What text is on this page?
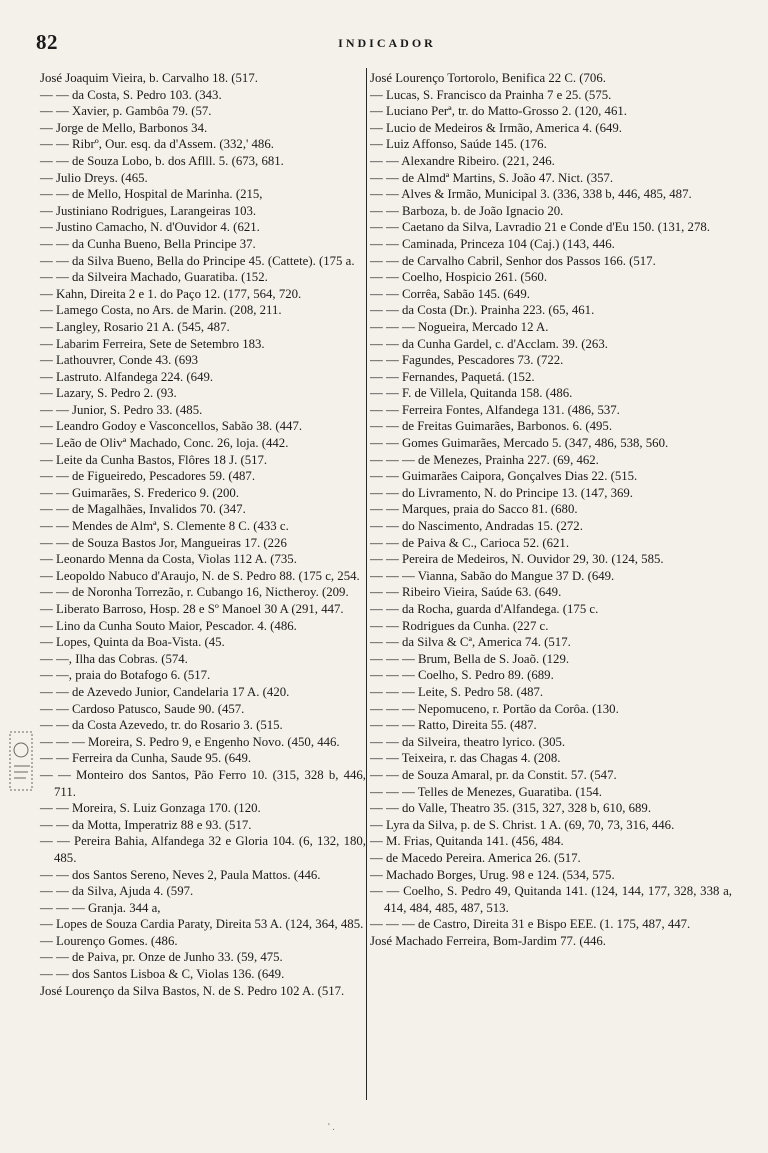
82	INDICADOR
José Joaquim Vieira, b. Carvalho 18. (517.
— — da Costa, S. Pedro 103. (343.
— — Xavier, p. Gambôa 79. (57.
— Jorge de Mello, Barbonos 34.
— — Ribrº, Our. esq. da d'Assem. (332,' 486.
— — de Souza Lobo, b. dos Aflll. 5. (673, 681.
— Julio Dreys. (465.
— — de Mello, Hospital de Marinha. (215,
— Justiniano Rodrigues, Larangeiras 103.
— Justino Camacho, N. d'Ouvidor 4. (621.
— — da Cunha Bueno, Bella Principe 37.
— — da Silva Bueno, Bella do Principe 45. (Cattete). (175 a.
— — da Silveira Machado, Guaratiba. (152.
— Kahn, Direita 2 e 1. do Paço 12. (177, 564, 720.
— Lamego Costa, no Ars. de Marin. (208, 211.
— Langley, Rosario 21 A. (545, 487.
— Labarim Ferreira, Sete de Setembro 183.
— Lathouvrer, Conde 43. (693
— Lastruto. Alfandega 224. (649.
— Lazary, S. Pedro 2. (93.
— — Junior, S. Pedro 33. (485.
— Leandro Godoy e Vasconcellos, Sabão 38. (447.
— Leão de Olivª Machado, Conc. 26, loja. (442.
— Leite da Cunha Bastos, Flôres 18 J. (517.
— — de Figueiredo, Pescadores 59. (487.
— — Guimarães, S. Frederico 9. (200.
— — de Magalhães, Invalidos 70. (347.
— — Mendes de Almª, S. Clemente 8 C. (433 c.
— — de Souza Bastos Jor, Mangueiras 17. (226
— Leonardo Menna da Costa, Violas 112 A. (735.
— Leopoldo Nabuco d'Araujo, N. de S. Pedro 88. (175 c, 254.
— — de Noronha Torrezão, r. Cubango 16, Nictheroy. (209.
— Liberato Barroso, Hosp. 28 e Sº Manoel 30 A (291, 447.
— Lino da Cunha Souto Maior, Pescador. 4. (486.
— Lopes, Quinta da Boa-Vista. (45.
— —, Ilha das Cobras. (574.
— —, praia do Botafogo 6. (517.
— — de Azevedo Junior, Candelaria 17 A. (420.
— — Cardoso Patusco, Saude 90. (457.
— — da Costa Azevedo, tr. do Rosario 3. (515.
— — — Moreira, S. Pedro 9, e Engenho Novo. (450, 446.
— — Ferreira da Cunha, Saude 95. (649.
— — Monteiro dos Santos, Pão Ferro 10. (315, 328 b, 446, 711.
— — Moreira, S. Luiz Gonzaga 170. (120.
— — da Motta, Imperatriz 88 e 93. (517.
— — Pereira Bahia, Alfandega 32 e Gloria 104. (6, 132, 180, 485.
— — dos Santos Sereno, Neves 2, Paula Mattos. (446.
— — da Silva, Ajuda 4. (597.
— — — Granja. 344 a,
— Lopes de Souza Cardia Paraty, Direita 53 A. (124, 364, 485.
— Lourenço Gomes. (486.
— — de Paiva, pr. Onze de Junho 33. (59, 475.
— — dos Santos Lisboa & C, Violas 136. (649.
José Lourenço da Silva Bastos, N. de S. Pedro 102 A. (517.
José Lourenço Tortorolo, Benifica 22 C. (706.
— Lucas, S. Francisco da Prainha 7 e 25. (575.
— Luciano Perª, tr. do Matto-Grosso 2. (120, 461.
— Lucio de Medeiros & Irmão, America 4. (649.
— Luiz Affonso, Saúde 145. (176.
— — Alexandre Ribeiro. (221, 246.
— — de Almdª Martins, S. João 47. Nict. (357.
— — Alves & Irmão, Municipal 3. (336, 338 b, 446, 485, 487.
— — Barboza, b. de João Ignacio 20.
— — Caetano da Silva, Lavradio 21 e Conde d'Eu 150. (131, 278.
— — Caminada, Princeza 104 (Caj.) (143, 446.
— — de Carvalho Cabril, Senhor dos Passos 166. (517.
— — Coelho, Hospicio 261. (560.
— — Corrêa, Sabão 145. (649.
— — da Costa (Dr.). Prainha 223. (65, 461.
— — — Nogueira, Mercado 12 A.
— — da Cunha Gardel, c. d'Acclam. 39. (263.
— — Fagundes, Pescadores 73. (722.
— — Fernandes, Paquetá. (152.
— — F. de Villela, Quitanda 158. (486.
— — Ferreira Fontes, Alfandega 131. (486, 537.
— — de Freitas Guimarães, Barbonos. 6. (495.
— — Gomes Guimarães, Mercado 5. (347, 486, 538, 560.
— — — de Menezes, Prainha 227. (69, 462.
— — Guimarães Caipora, Gonçalves Dias 22. (515.
— — do Livramento, N. do Principe 13. (147, 369.
— — Marques, praia do Sacco 81. (680.
— — do Nascimento, Andradas 15. (272.
— — de Paiva & C., Carioca 52. (621.
— — Pereira de Medeiros, N. Ouvidor 29, 30. (124, 585.
— — — Vianna, Sabão do Mangue 37 D. (649.
— — Ribeiro Vieira, Saúde 63. (649.
— — da Rocha, guarda d'Alfandega. (175 c.
— — Rodrigues da Cunha. (227 c.
— — da Silva & Cª, America 74. (517.
— — — Brum, Bella de S. Joaõ. (129.
— — — Coelho, S. Pedro 89. (689.
— — — Leite, S. Pedro 58. (487.
— — — Nepomuceno, r. Portão da Corôa. (130.
— — — Ratto, Direita 55. (487.
— — da Silveira, theatro lyrico. (305.
— — Teixeira, r. das Chagas 4. (208.
— — de Souza Amaral, pr. da Constit. 57. (547.
— — — Telles de Menezes, Guaratiba. (154.
— — do Valle, Theatro 35. (315, 327, 328 b, 610, 689.
— Lyra da Silva, p. de S. Christ. 1 A. (69, 70, 73, 316, 446.
— M. Frias, Quitanda 141. (456, 484.
— de Macedo Pereira. America 26. (517.
— Machado Borges, Urug. 98 e 124. (534, 575.
— — Coelho, S. Pedro 49, Quitanda 141. (124, 144, 177, 328, 338 a, 414, 484, 485, 487, 513.
— — — de Castro, Direita 31 e Bispo EEE. (1. 175, 487, 447.
José Machado Ferreira, Bom-Jardim 77. (446.
' .
